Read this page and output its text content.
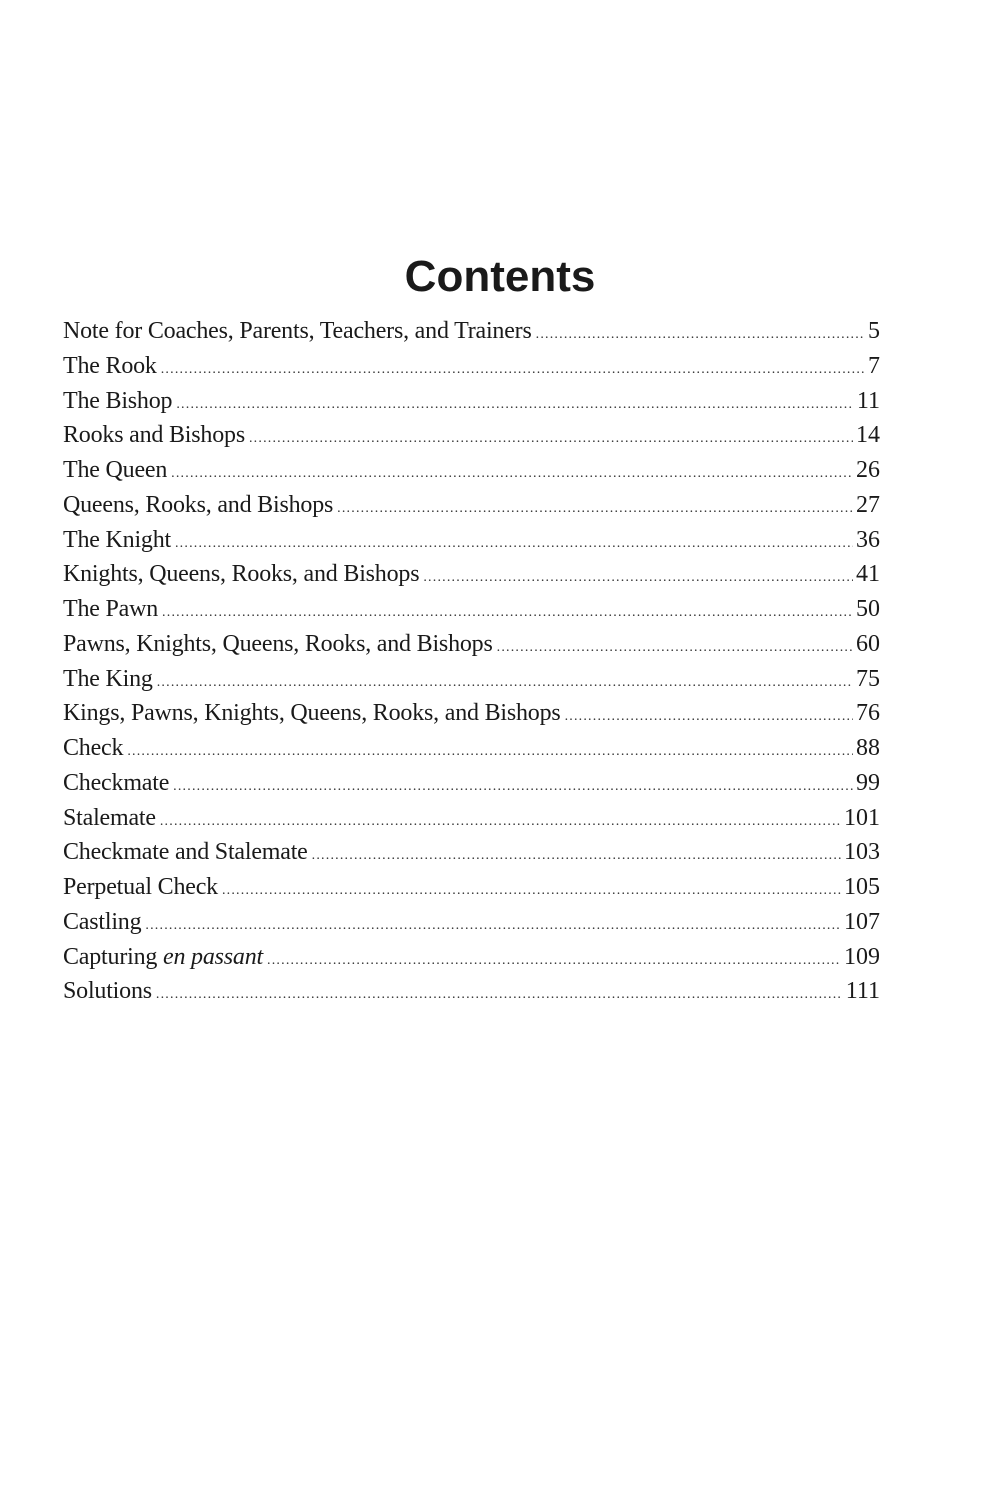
Contents
Note for Coaches, Parents, Teachers, and Trainers .....	5
The Rook .....	7
The Bishop .....	11
Rooks and Bishops .....	14
The Queen .....	26
Queens, Rooks, and Bishops .....	27
The Knight .....	36
Knights, Queens, Rooks, and Bishops .....	41
The Pawn .....	50
Pawns, Knights, Queens, Rooks, and Bishops .....	60
The King .....	75
Kings, Pawns, Knights, Queens, Rooks, and Bishops .....	76
Check .....	88
Checkmate .....	99
Stalemate .....	101
Checkmate and Stalemate .....	103
Perpetual Check .....	105
Castling .....	107
Capturing en passant .....	109
Solutions .....	111
